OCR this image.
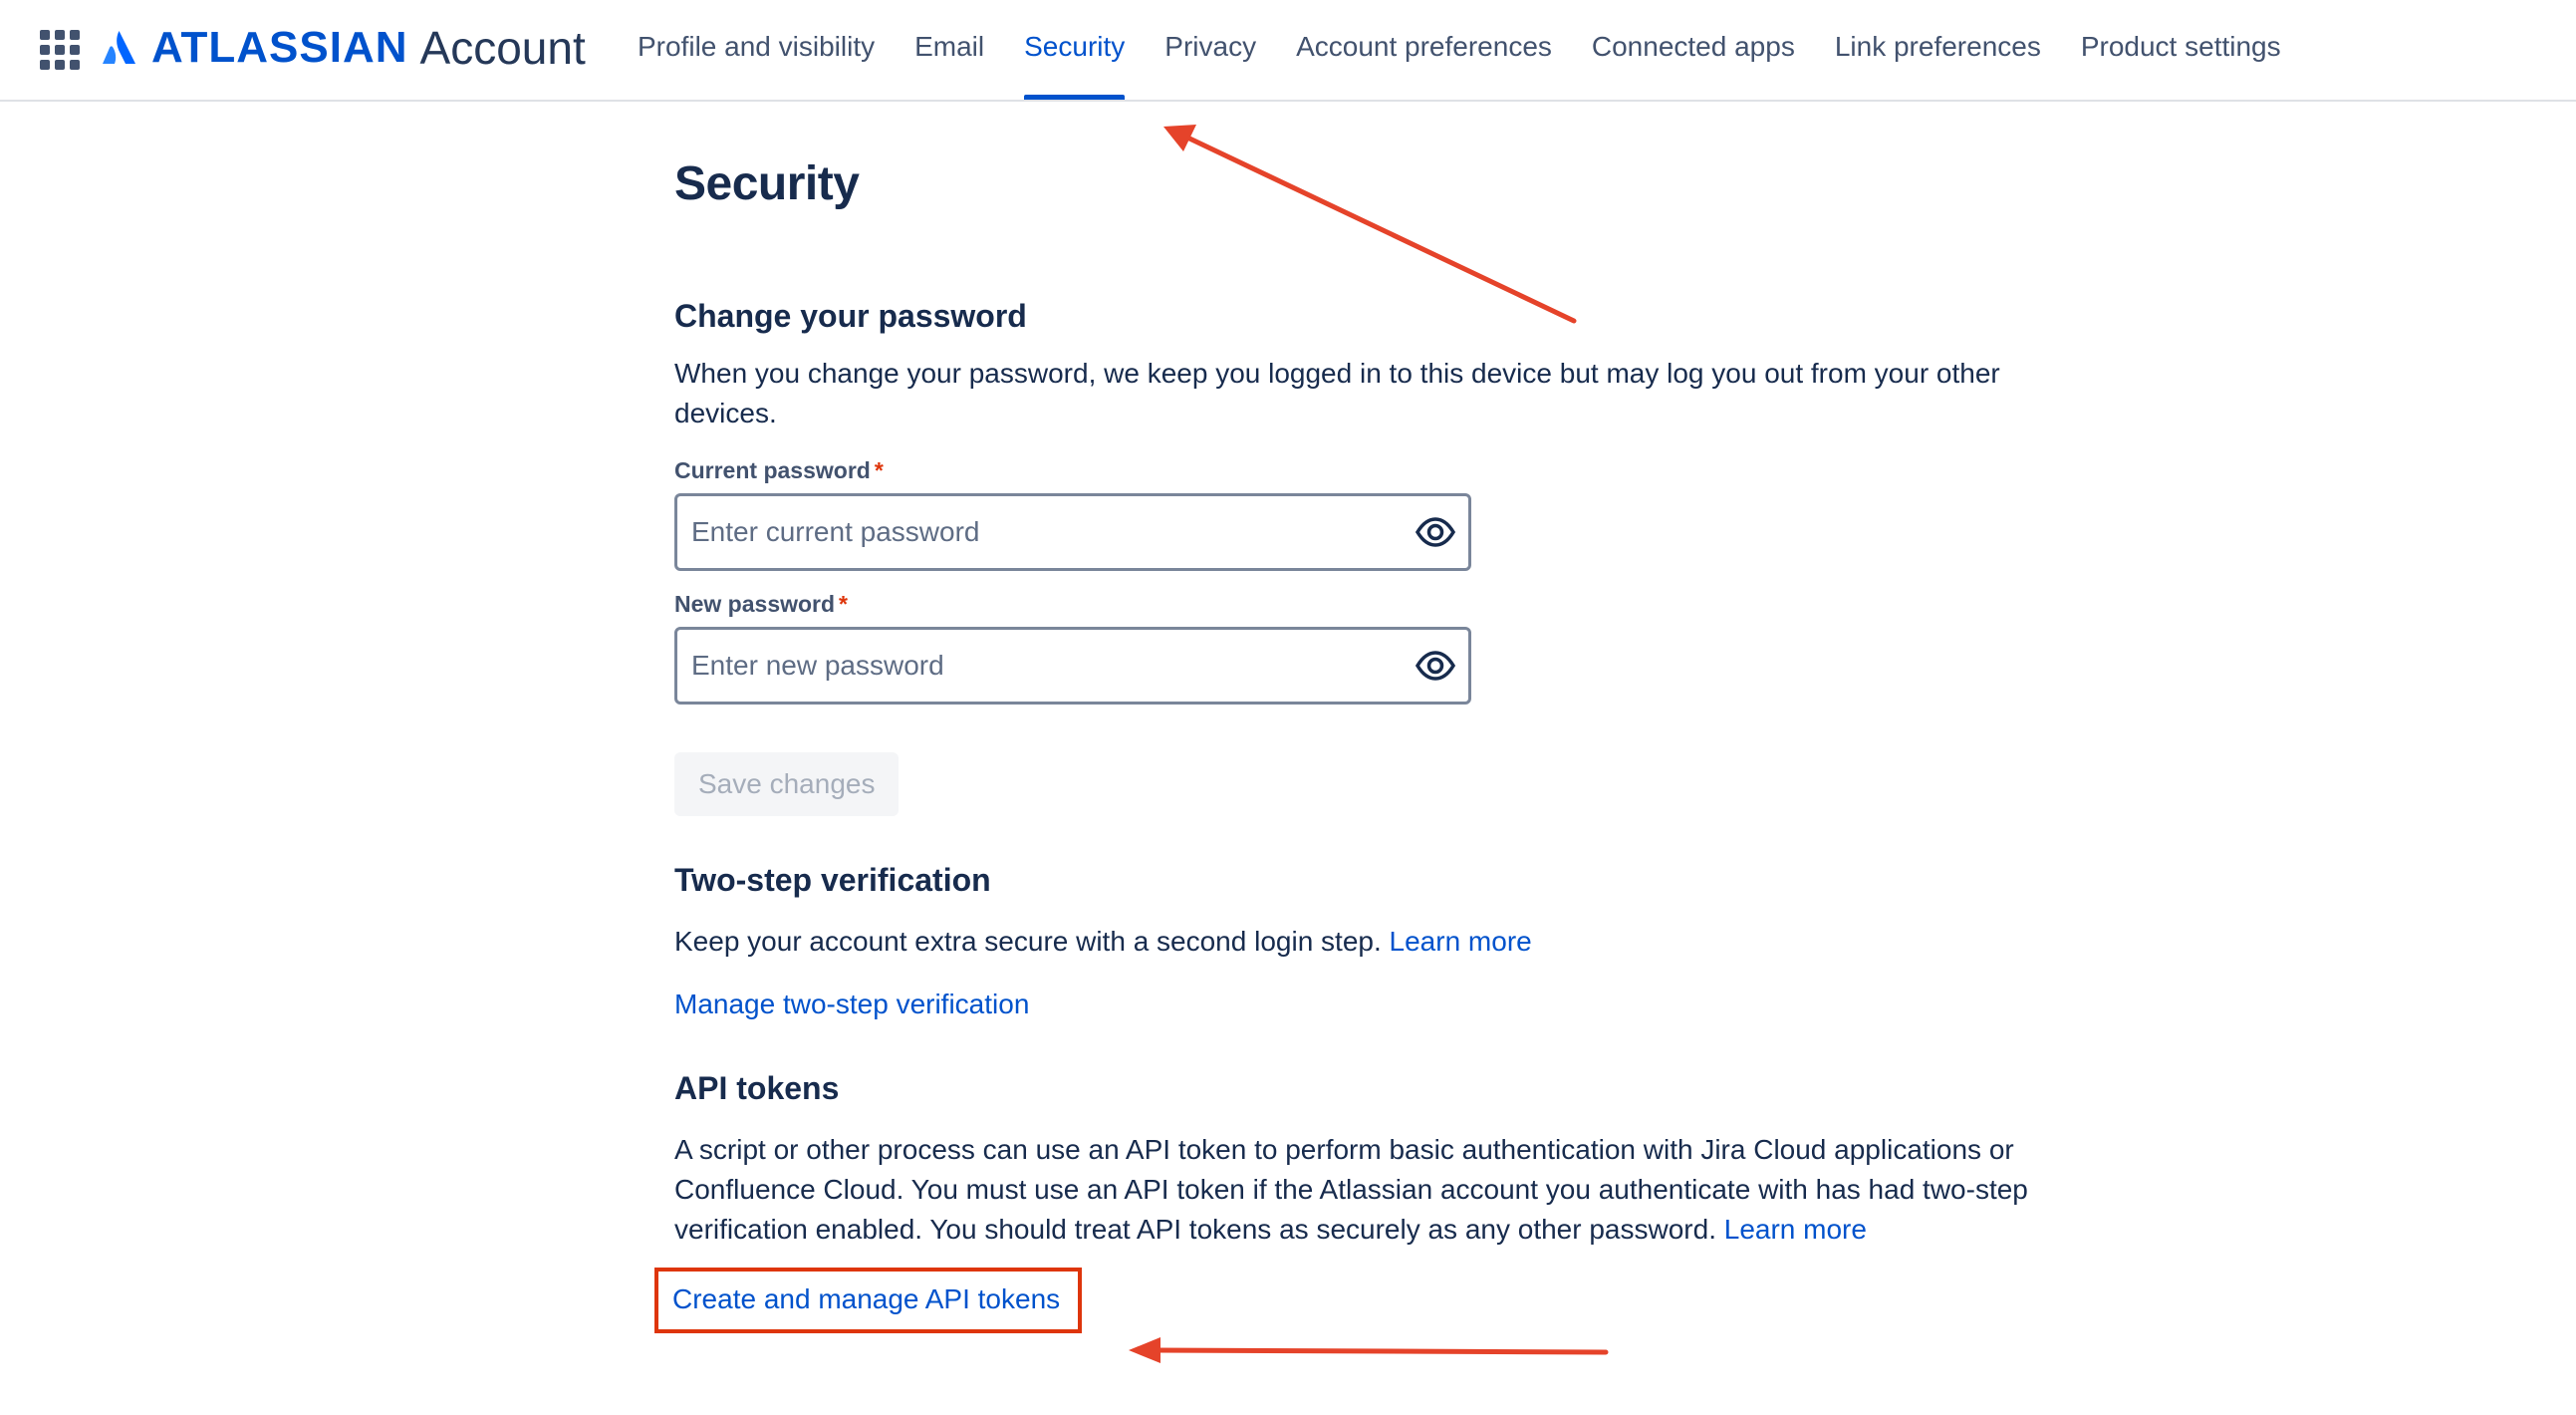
ATLASSIAN Account	Profile and visibility	Email	Security	Privacy	Account preferences	Connected apps	Link preferences	Product settings
Security
Change your password

When you change your password, we keep you logged in to this device but may log you out from your other devices.

Current password *
New password *
Save changes
Two-step verification

Keep your account extra secure with a second login step. Learn more

Manage two-step verification

API tokens

A script or other process can use an API token to perform basic authentication with Jira Cloud applications or Confluence Cloud. You must use an API token if the Atlassian account you authenticate with has had two-step verification enabled. You should treat API tokens as securely as any other password. Learn more

Create and manage API tokens
